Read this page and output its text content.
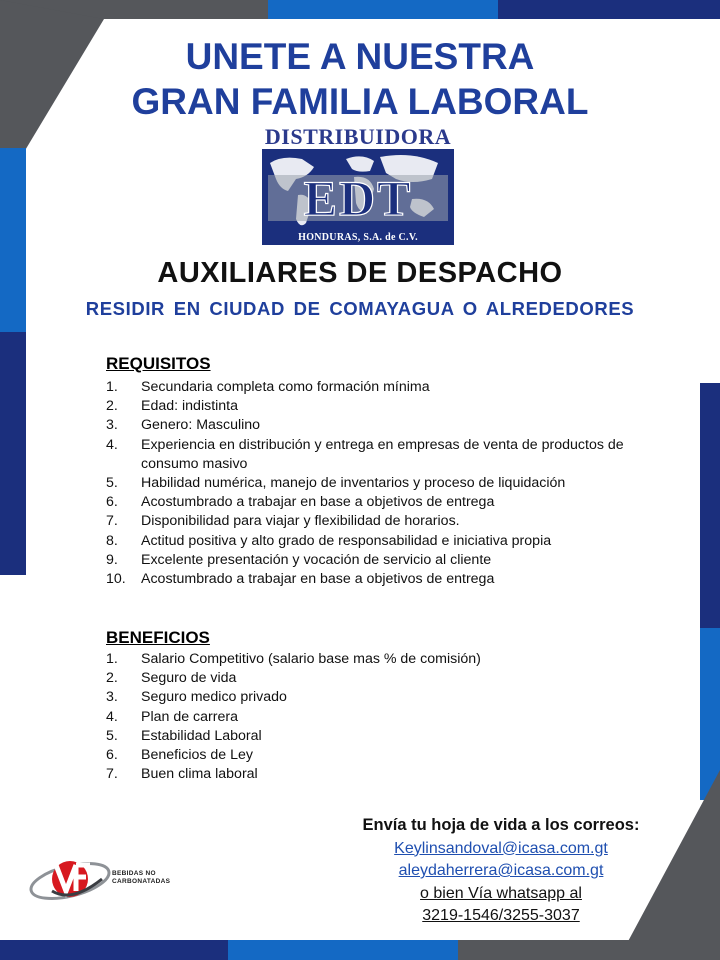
UNETE A NUESTRA
GRAN FAMILIA LABORAL
DISTRIBUIDORA
EDT
HONDURAS, S.A. de C.V.
AUXILIARES DE DESPACHO
RESIDIR EN CIUDAD DE COMAYAGUA O ALREDEDORES
REQUISITOS
1. Secundaria completa como formación mínima
2. Edad: indistinta
3. Genero: Masculino
4. Experiencia en distribución y entrega en empresas de venta de productos de consumo masivo
5. Habilidad numérica, manejo de inventarios y proceso de liquidación
6. Acostumbrado a trabajar en base a objetivos de entrega
7. Disponibilidad para viajar y flexibilidad de horarios.
8. Actitud positiva y alto grado de responsabilidad e iniciativa propia
9. Excelente presentación y vocación de servicio al cliente
10. Acostumbrado a trabajar en base a objetivos de entrega
BENEFICIOS
1. Salario Competitivo (salario base mas % de comisión)
2. Seguro de vida
3. Seguro medico privado
4. Plan de carrera
5. Estabilidad Laboral
6. Beneficios de Ley
7. Buen clima laboral
Envía tu hoja de vida a los correos:
Keylinsandoval@icasa.com.gt
aleydaherrera@icasa.com.gt
o bien Vía whatsapp al
3219-1546/3255-3037
BEBIDAS NO
CARBONATADAS
